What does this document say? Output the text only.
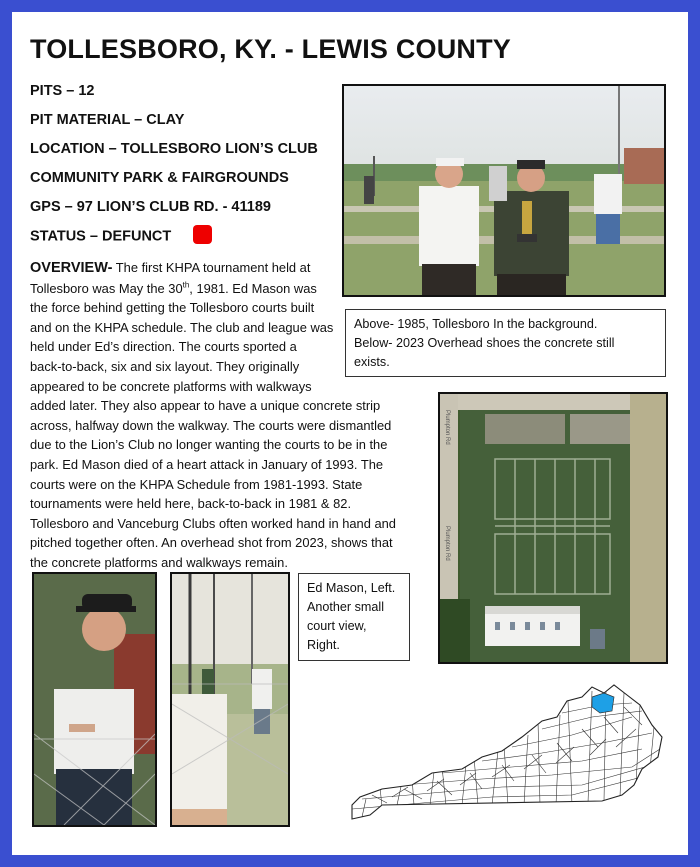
TOLLESBORO, KY. - LEWIS COUNTY
PITS – 12
PIT MATERIAL – CLAY
LOCATION – TOLLESBORO LION’S CLUB
COMMUNITY PARK & FAIRGROUNDS
GPS – 97 LION’S CLUB RD. - 41189
STATUS – DEFUNCT
OVERVIEW- The first KHPA tournament held at
Tollesboro was May the 30th, 1981. Ed Mason was
the force behind getting the Tollesboro courts built
and on the KHPA schedule. The club and league was
held under Ed’s direction. The courts sported a
back-to-back, six and six layout. They originally
appeared to be concrete platforms with walkways
added later. They also appear to have a unique concrete strip
across, halfway down the walkway. The courts were dismantled
due to the Lion’s Club no longer wanting the courts to be in the
park. Ed Mason died of a heart attack in January of 1993. The
courts were on the KHPA Schedule from 1981-1993. State
tournaments were held here, back-to-back in 1981 & 82.
Tollesboro and Vanceburg Clubs often worked hand in hand and
pitched together often. An overhead shot from 2023, shows that
the concrete platforms and walkways remain.
Above- 1985, Tollesboro In the background.
Below- 2023 Overhead shoes the concrete still
exists.
Plumpton Rd
Plumpton Rd
Ed Mason, Left.
Another small
court view,
Right.
